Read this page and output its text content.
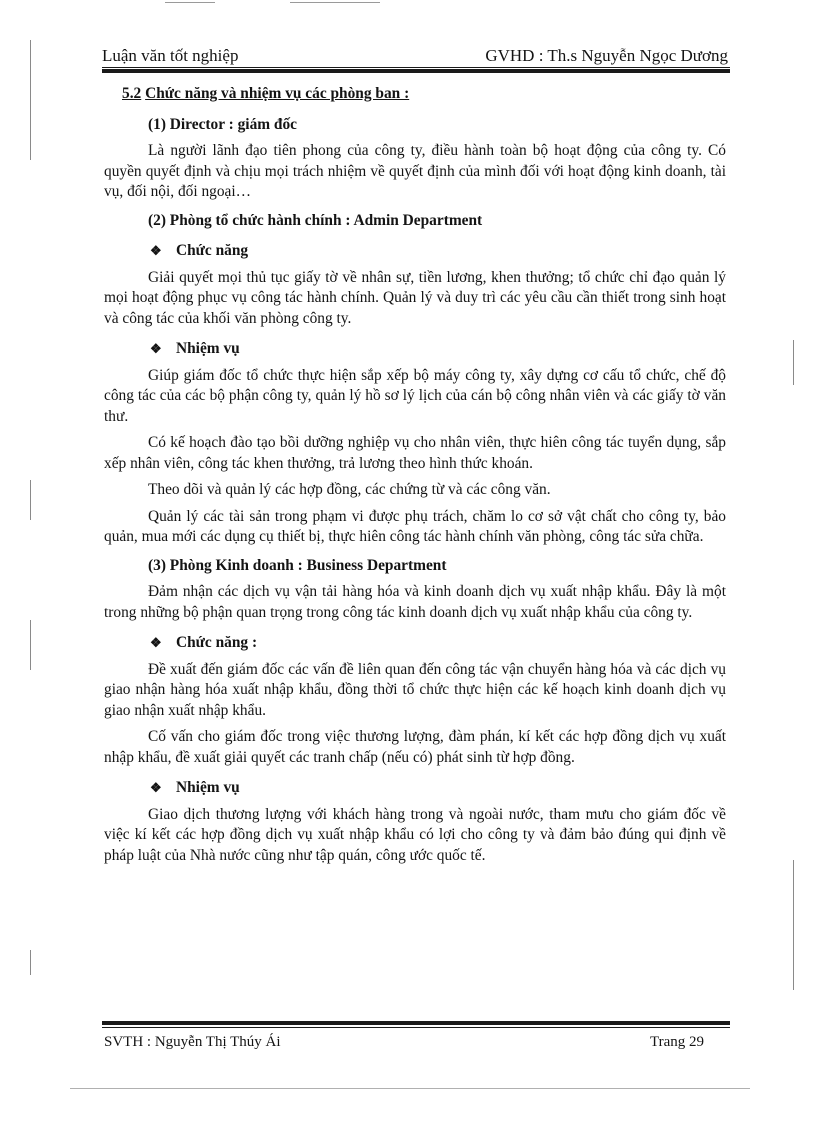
Luận văn tốt nghiệp	GVHD : Th.s Nguyễn Ngọc Dương
5.2 Chức năng và nhiệm vụ các phòng ban :
(1) Director : giám đốc

Là người lãnh đạo tiên phong của công ty, điều hành toàn bộ hoạt động của công ty. Có quyền quyết định và chịu mọi trách nhiệm về quyết định của mình đối với hoạt động kinh doanh, tài vụ, đối nội, đối ngoại…

(2) Phòng tổ chức hành chính : Admin Department
❖ Chức năng

Giải quyết mọi thủ tục giấy tờ về nhân sự, tiền lương, khen thưởng; tổ chức chỉ đạo quản lý mọi hoạt động phục vụ công tác hành chính. Quản lý và duy trì các yêu cầu cần thiết trong sinh hoạt và công tác của khối văn phòng công ty.

❖ Nhiệm vụ

Giúp giám đốc tổ chức thực hiện sắp xếp bộ máy công ty, xây dựng cơ cấu tổ chức, chế độ công tác của các bộ phận công ty, quản lý hồ sơ lý lịch của cán bộ công nhân viên và các giấy tờ văn thư.

Có kế hoạch đào tạo bồi dưỡng nghiệp vụ cho nhân viên, thực hiên công tác tuyển dụng, sắp xếp nhân viên, công tác khen thưởng, trả lương theo hình thức khoán.

Theo dõi và quản lý các hợp đồng, các chứng từ và các công văn.

Quản lý các tài sản trong phạm vi được phụ trách, chăm lo cơ sở vật chất cho công ty, bảo quản, mua mới các dụng cụ thiết bị, thực hiên công tác hành chính văn phòng, công tác sửa chữa.

(3) Phòng Kinh doanh : Business Department

Đảm nhận các dịch vụ vận tải hàng hóa và kinh doanh dịch vụ xuất nhập khẩu. Đây là một trong những bộ phận quan trọng trong công tác kinh doanh dịch vụ xuất nhập khẩu của công ty.

❖ Chức năng :

Đề xuất đến giám đốc các vấn đề liên quan đến công tác vận chuyển hàng hóa và các dịch vụ giao nhận hàng hóa xuất nhập khẩu, đồng thời tổ chức thực hiện các kế hoạch kinh doanh dịch vụ giao nhận xuất nhập khẩu.

Cố vấn cho giám đốc trong việc thương lượng, đàm phán, kí kết các hợp đồng dịch vụ xuất nhập khẩu, đề xuất giải quyết các tranh chấp (nếu có) phát sinh từ hợp đồng.

❖ Nhiệm vụ

Giao dịch thương lượng với khách hàng trong và ngoài nước, tham mưu cho giám đốc về việc kí kết các hợp đồng dịch vụ xuất nhập khẩu có lợi cho công ty và đảm bảo đúng qui định về pháp luật của Nhà nước cũng như tập quán, công ước quốc tế.

SVTH : Nguyễn Thị Thúy Ái	Trang 29
